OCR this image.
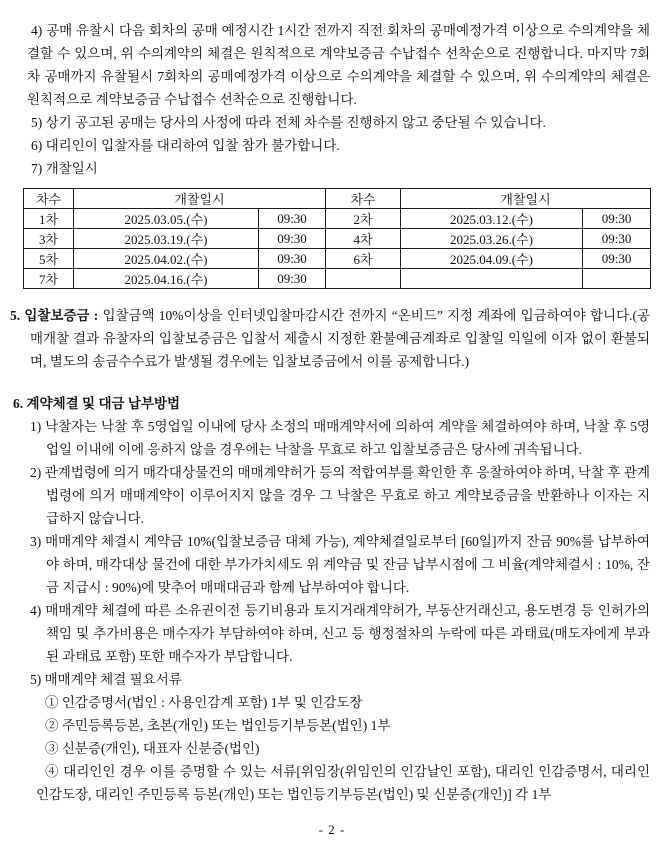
4) 공매 유찰시 다음 회차의 공매 예정시간 1시간 전까지 직전 회차의 공매예정가격 이상으로 수의계약을 체결할 수 있으며, 위 수의계약의 체결은 원칙적으로 계약보증금 수납접수 선착순으로 진행합니다. 마지막 7회차 공매까지 유찰될시 7회차의 공매예정가격 이상으로 수의계약을 체결할 수 있으며, 위 수의계약의 체결은 원칙적으로 계약보증금 수납접수 선착순으로 진행합니다.

5) 상기 공고된 공매는 당사의 사정에 따라 전체 차수를 진행하지 않고 중단될 수 있습니다.

6) 대리인이 입찰자를 대리하여 입찰 참가 불가합니다.

7) 개찰일시

차수	개찰일시		차수	개찰일시	
1차	2025.03.05.(수)	09:30	2차	2025.03.12.(수)	09:30
3차	2025.03.19.(수)	09:30	4차	2025.03.26.(수)	09:30
5차	2025.04.02.(수)	09:30	6차	2025.04.09.(수)	09:30
7차	2025.04.16.(수)	09:30			

5. 입찰보증금 : 입찰금액 10%이상을 인터넷입찰마감시간 전까지 “온비드” 지정 계좌에 입금하여야 합니다.(공매개찰 결과 유찰자의 입찰보증금은 입찰서 제출시 지정한 환불예금계좌로 입찰일 익일에 이자 없이 환불되며, 별도의 송금수수료가 발생될 경우에는 입찰보증금에서 이를 공제합니다.)

6. 계약체결 및 대금 납부방법

1) 낙찰자는 낙찰 후 5영업일 이내에 당사 소정의 매매계약서에 의하여 계약을 체결하여야 하며, 낙찰 후 5영업일 이내에 이에 응하지 않을 경우에는 낙찰을 무효로 하고 입찰보증금은 당사에 귀속됩니다.

2) 관계법령에 의거 매각대상물건의 매매계약허가 등의 적합여부를 확인한 후 응찰하여야 하며, 낙찰 후 관계법령에 의거 매매계약이 이루어지지 않을 경우 그 낙찰은 무효로 하고 계약보증금을 반환하나 이자는 지급하지 않습니다.

3) 매매계약 체결시 계약금 10%(입찰보증금 대체 가능), 계약체결일로부터 [60일]까지 잔금 90%를 납부하여야 하며, 매각대상 물건에 대한 부가가치세도 위 계약금 및 잔금 납부시점에 그 비율(계약체결시 : 10%, 잔금 지급시 : 90%)에 맞추어 매매대금과 함께 납부하여야 합니다.

4) 매매계약 체결에 따른 소유권이전 등기비용과 토지거래계약허가, 부동산거래신고, 용도변경 등 인허가의 책임 및 추가비용은 매수자가 부담하여야 하며, 신고 등 행정절차의 누락에 따른 과태료(매도자에게 부과된 과태료 포함) 또한 매수자가 부담합니다.

5) 매매계약 체결 필요서류

① 인감증명서(법인 : 사용인감계 포함) 1부 및 인감도장

② 주민등록등본, 초본(개인) 또는 법인등기부등본(법인) 1부

③ 신분증(개인), 대표자 신분증(법인)

④ 대리인인 경우 이를 증명할 수 있는 서류[위임장(위임인의 인감날인 포함), 대리인 인감증명서, 대리인 인감도장, 대리인 주민등록 등본(개인) 또는 법인등기부등본(법인) 및 신분증(개인)] 각 1부

- 2 -
